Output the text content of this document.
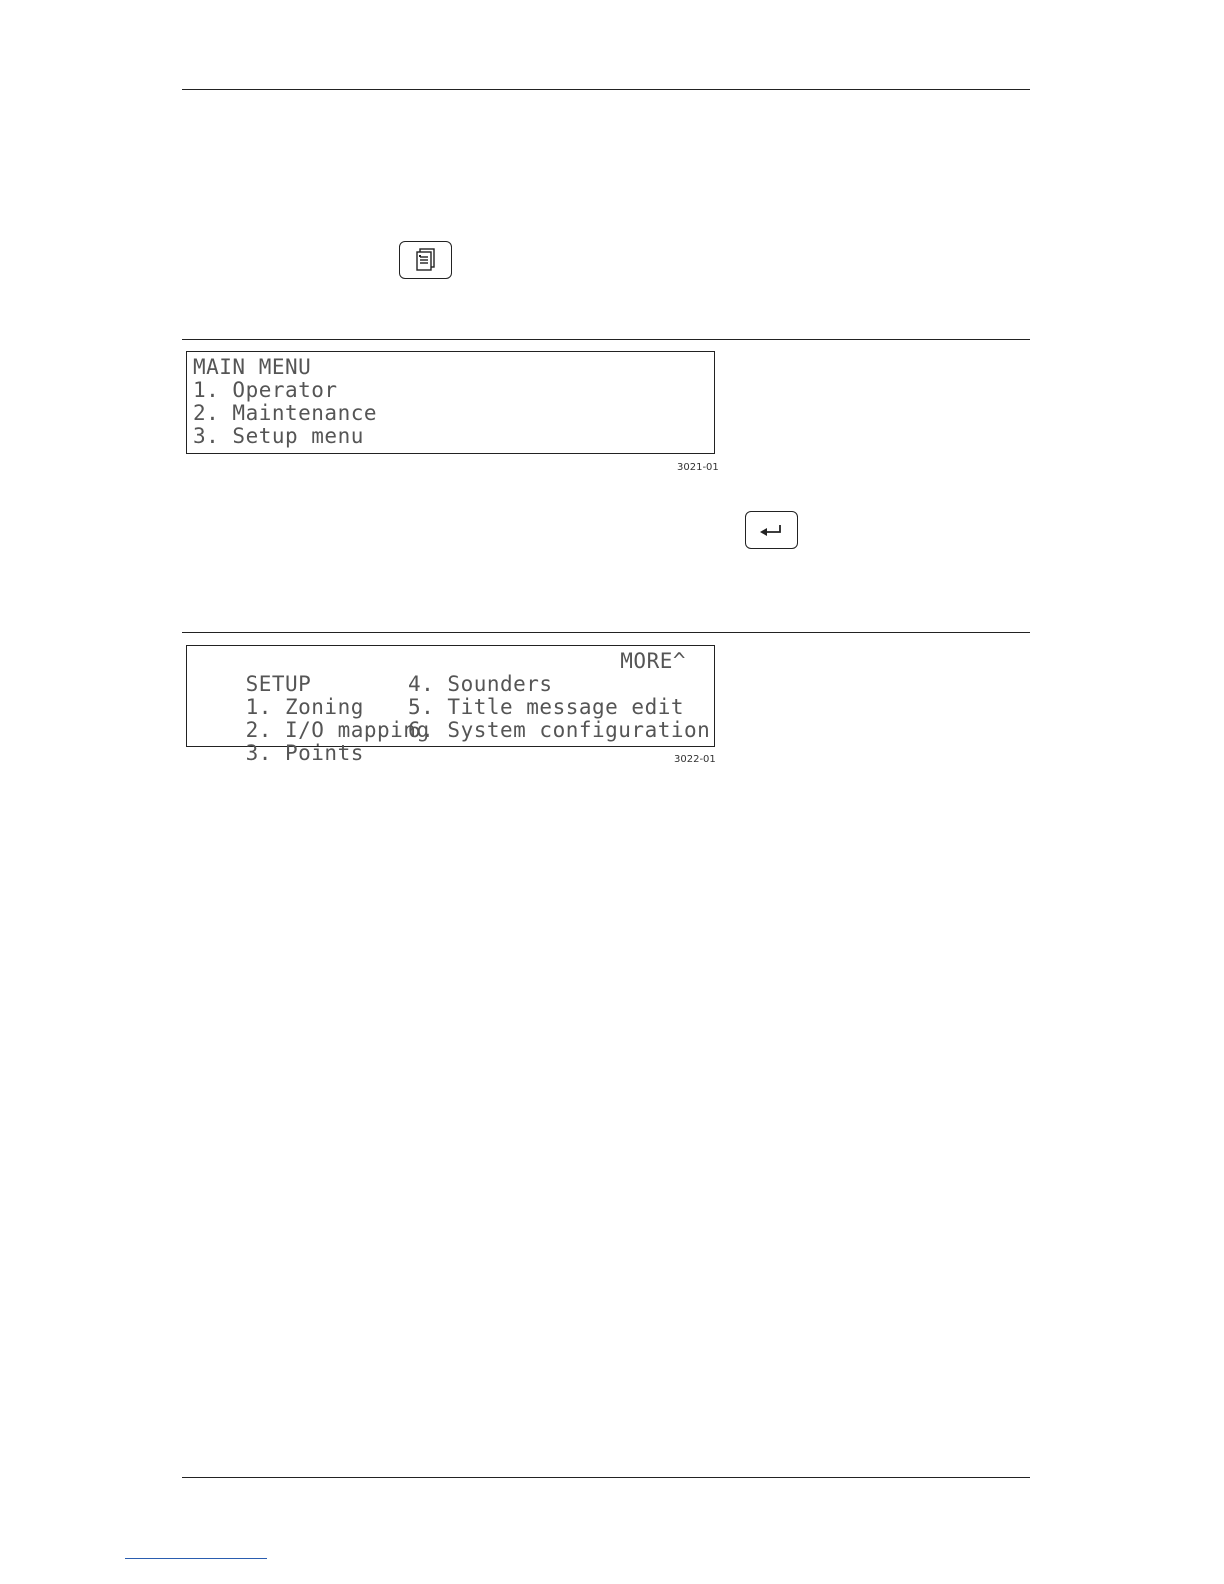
MAIN MENU
1. Operator
2. Maintenance
3. Setup menu
3021-01

SETUP

MORE^

1. Zoning

4. Sounders

2. I/O mapping

5. Title message edit

3. Points

6. System configuration

3022-01
